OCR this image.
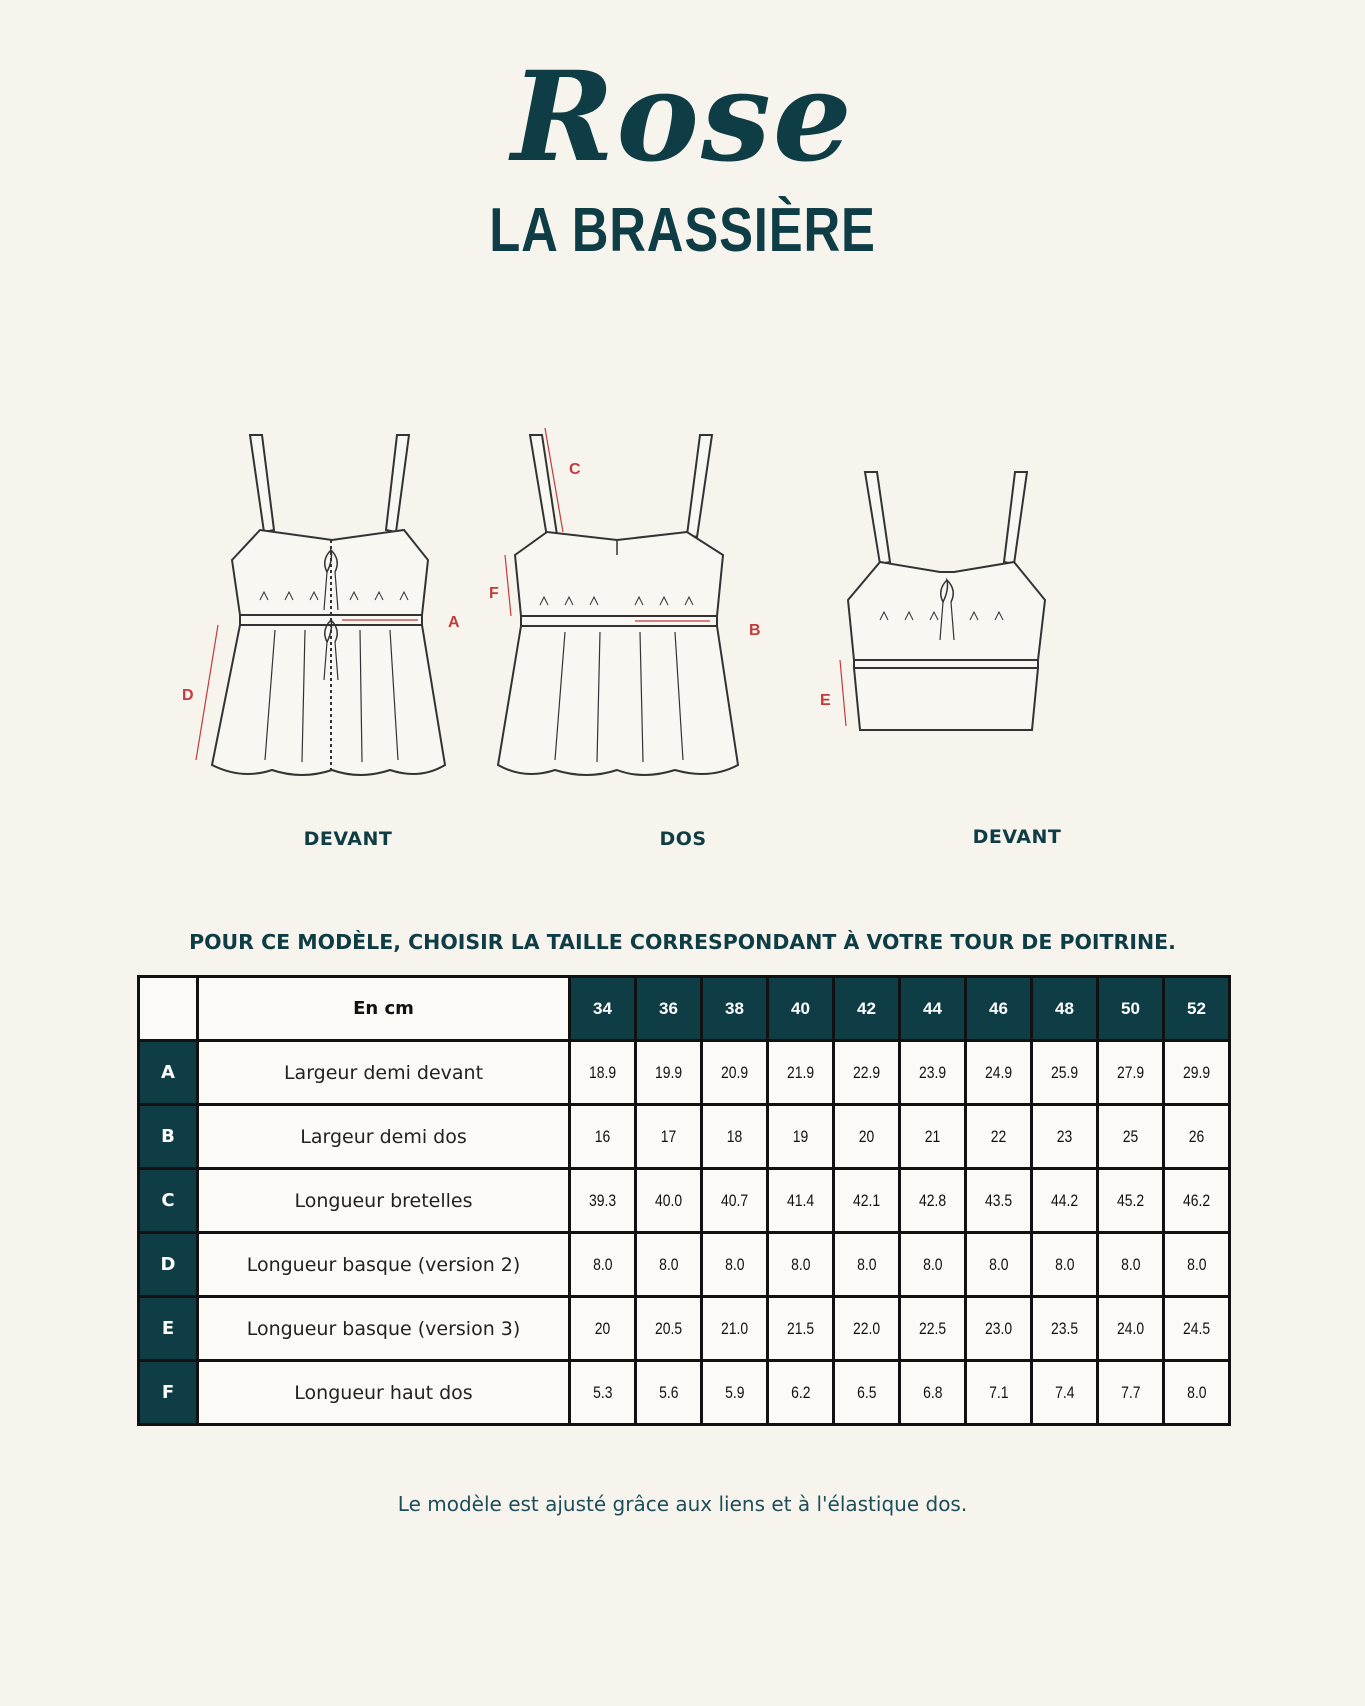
Rose
LA BRASSIÈRE
A
D
C
F
B
E
DEVANT	DOS	DEVANT
POUR CE MODÈLE, CHOISIR LA TAILLE CORRESPONDANT À VOTRE TOUR DE POITRINE.
	En cm	34	36	38	40	42	44	46	48	50	52
A	Largeur demi devant	18.9	19.9	20.9	21.9	22.9	23.9	24.9	25.9	27.9	29.9
B	Largeur demi dos	16	17	18	19	20	21	22	23	25	26
C	Longueur bretelles	39.3	40.0	40.7	41.4	42.1	42.8	43.5	44.2	45.2	46.2
D	Longueur basque (version 2)	8.0	8.0	8.0	8.0	8.0	8.0	8.0	8.0	8.0	8.0
E	Longueur basque (version 3)	20	20.5	21.0	21.5	22.0	22.5	23.0	23.5	24.0	24.5
F	Longueur haut dos	5.3	5.6	5.9	6.2	6.5	6.8	7.1	7.4	7.7	8.0
Le modèle est ajusté grâce aux liens et à l'élastique dos.
